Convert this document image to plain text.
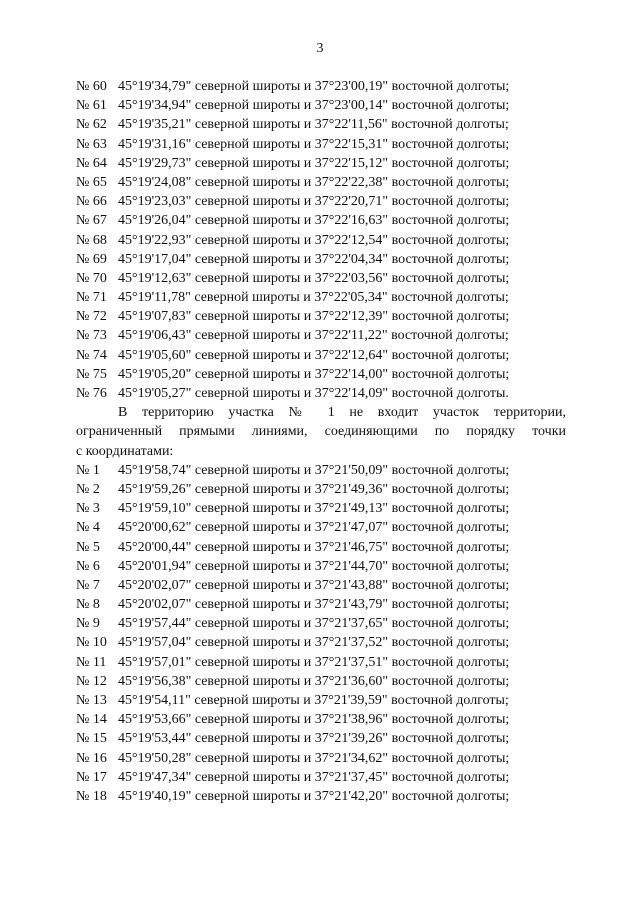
3
№ 60 45°19'34,79" северной широты и 37°23'00,19" восточной долготы;
№ 61 45°19'34,94" северной широты и 37°23'00,14" восточной долготы;
№ 62 45°19'35,21" северной широты и 37°22'11,56" восточной долготы;
№ 63 45°19'31,16" северной широты и 37°22'15,31" восточной долготы;
№ 64 45°19'29,73" северной широты и 37°22'15,12" восточной долготы;
№ 65 45°19'24,08" северной широты и 37°22'22,38" восточной долготы;
№ 66 45°19'23,03" северной широты и 37°22'20,71" восточной долготы;
№ 67 45°19'26,04" северной широты и 37°22'16,63" восточной долготы;
№ 68 45°19'22,93" северной широты и 37°22'12,54" восточной долготы;
№ 69 45°19'17,04" северной широты и 37°22'04,34" восточной долготы;
№ 70 45°19'12,63" северной широты и 37°22'03,56" восточной долготы;
№ 71 45°19'11,78" северной широты и 37°22'05,34" восточной долготы;
№ 72 45°19'07,83" северной широты и 37°22'12,39" восточной долготы;
№ 73 45°19'06,43" северной широты и 37°22'11,22" восточной долготы;
№ 74 45°19'05,60" северной широты и 37°22'12,64" восточной долготы;
№ 75 45°19'05,20" северной широты и 37°22'14,00" восточной долготы;
№ 76 45°19'05,27" северной широты и 37°22'14,09" восточной долготы.
В территорию участка № 1 не входит участок территории,
ограниченный прямыми линиями, соединяющими по порядку точки
с координатами:
№ 1	45°19'58,74" северной широты и 37°21'50,09" восточной долготы;
№ 2	45°19'59,26" северной широты и 37°21'49,36" восточной долготы;
№ 3	45°19'59,10" северной широты и 37°21'49,13" восточной долготы;
№ 4	45°20'00,62" северной широты и 37°21'47,07" восточной долготы;
№ 5	45°20'00,44" северной широты и 37°21'46,75" восточной долготы;
№ 6	45°20'01,94" северной широты и 37°21'44,70" восточной долготы;
№ 7	45°20'02,07" северной широты и 37°21'43,88" восточной долготы;
№ 8	45°20'02,07" северной широты и 37°21'43,79" восточной долготы;
№ 9	45°19'57,44" северной широты и 37°21'37,65" восточной долготы;
№ 10 45°19'57,04" северной широты и 37°21'37,52" восточной долготы;
№ 11 45°19'57,01" северной широты и 37°21'37,51" восточной долготы;
№ 12 45°19'56,38" северной широты и 37°21'36,60" восточной долготы;
№ 13 45°19'54,11" северной широты и 37°21'39,59" восточной долготы;
№ 14 45°19'53,66" северной широты и 37°21'38,96" восточной долготы;
№ 15 45°19'53,44" северной широты и 37°21'39,26" восточной долготы;
№ 16 45°19'50,28" северной широты и 37°21'34,62" восточной долготы;
№ 17 45°19'47,34" северной широты и 37°21'37,45" восточной долготы;
№ 18 45°19'40,19" северной широты и 37°21'42,20" восточной долготы;
